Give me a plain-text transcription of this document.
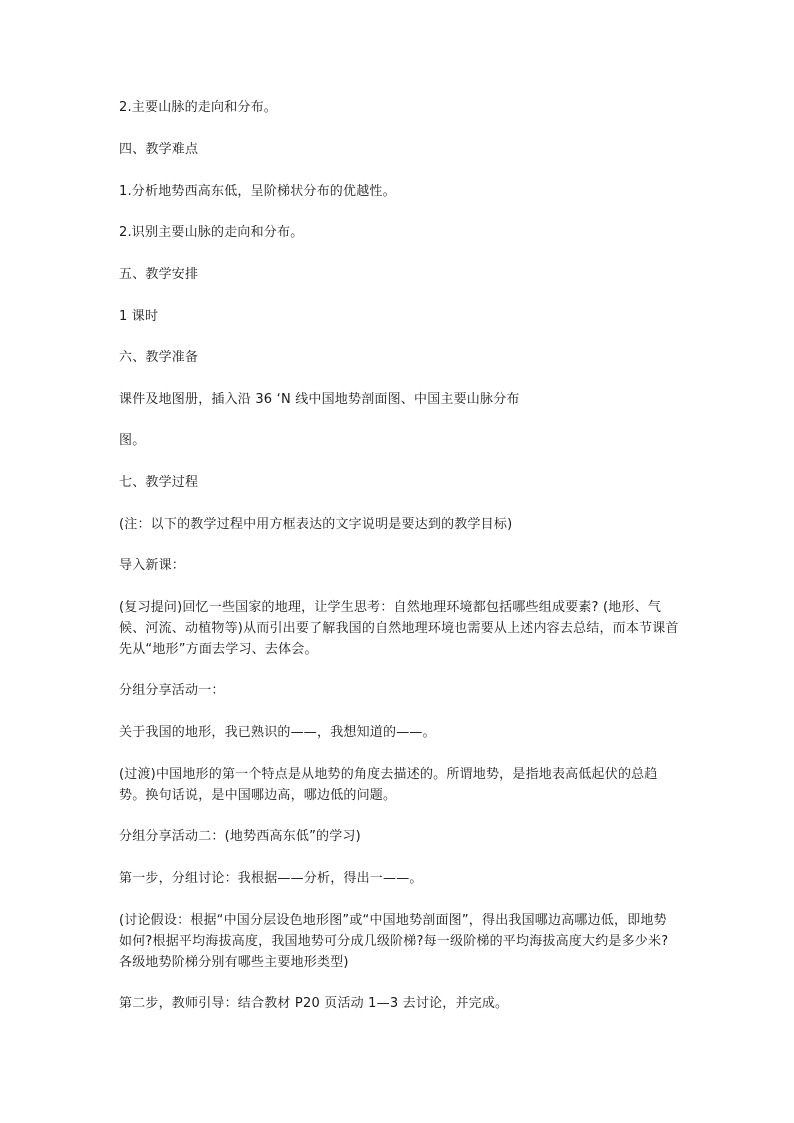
2.主要山脉的走向和分布。
四、教学难点
1.分析地势西高东低，呈阶梯状分布的优越性。
2.识别主要山脉的走向和分布。
五、教学安排
1 课时
六、教学准备
课件及地图册，插入沿 36 ‘N 线中国地势剖面图、中国主要山脉分布
图。
七、教学过程
(注：以下的教学过程中用方框表达的文字说明是要达到的教学目标)
导入新课：
(复习提问)回忆一些国家的地理，让学生思考：自然地理环境都包括哪些组成要素? (地形、气候、河流、动植物等)从而引出要了解我国的自然地理环境也需要从上述内容去总结，而本节课首先从“地形”方面去学习、去体会。
分组分享活动一：
关于我国的地形，我已熟识的——，我想知道的——。
(过渡)中国地形的第一个特点是从地势的角度去描述的。所谓地势，是指地表高低起伏的总趋势。换句话说，是中国哪边高，哪边低的问题。
分组分享活动二：(地势西高东低”的学习)
第一步，分组讨论：我根据——分析，得出一——。
(讨论假设：根据“中国分层设色地形图”或“中国地势剖面图”，得出我国哪边高哪边低，即地势如何?根据平均海拔高度，我国地势可分成几级阶梯?每一级阶梯的平均海拔高度大约是多少米?各级地势阶梯分别有哪些主要地形类型)
第二步，教师引导：结合教材 P20 页活动 1—3 去讨论，并完成。
